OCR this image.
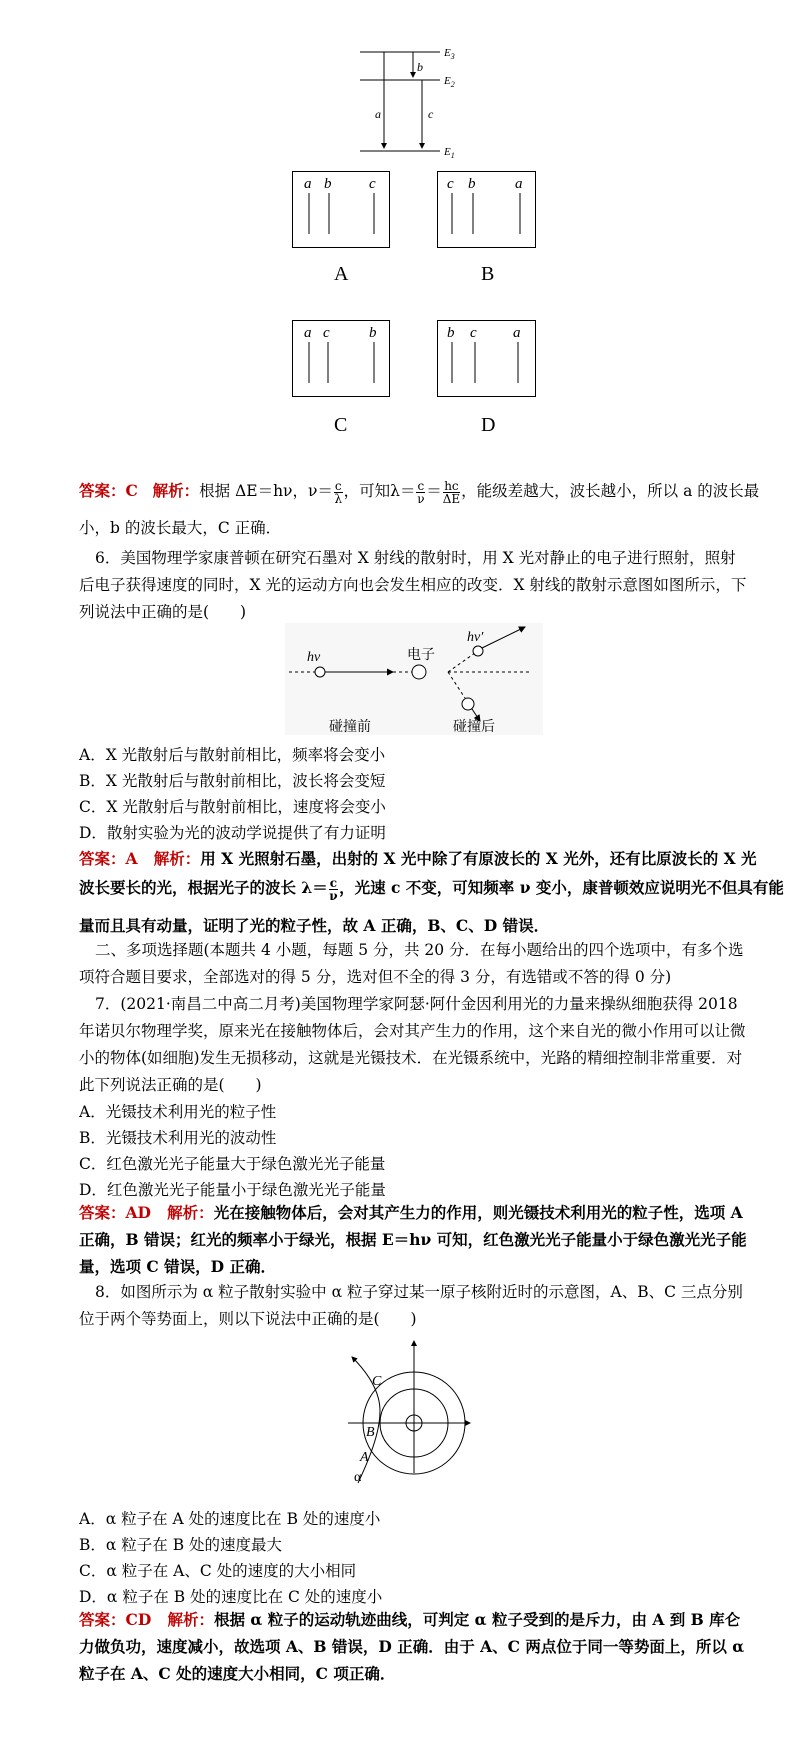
$E_3$
$E_2$
$E_1$
a
b
c
a b	c
A
c b	a
B
a c	b
C
b c a
D
答案：C 解析：根据 ΔE＝hν，$\nu= \frac{c}{\lambda}$ ，可知$\lambda= \frac{c}{\nu} = \frac{hc}{\Delta E}$ ，能级差越大，波长越小，所以 a 的波长最
小，b 的波长最大，C 正确．
6．美国物理学家康普顿在研究石墨对 X 射线的散射时，用 X 光对静止的电子进行照射，照射后电子获得速度的同时，X 光的运动方向也会发生相应的改变．X 射线的散射示意图如图所示，下列说法中正确的是(　　)
hν	电子
hν′
碰撞前	碰撞后
A．X 光散射后与散射前相比，频率将会变小
B．X 光散射后与散射前相比，波长将会变短
C．X 光散射后与散射前相比，速度将会变小
D．散射实验为光的波动学说提供了有力证明
答案：A 解析：用 X 光照射石墨，出射的 X 光中除了有原波长的 X 光外，还有比原波长的 X 光
波长要长的光，根据光子的波长 $\lambda= \frac{c}{\nu}$ ，光速 c 不变，可知频率 ν 变小，康普顿效应说明光不但具有能
量而且具有动量，证明了光的粒子性，故 A 正确，B、C、D 错误．
二、多项选择题(本题共 4 小题，每题 5 分，共 20 分．在每小题给出的四个选项中，有多个选项符合题目要求，全部选对的得 5 分，选对但不全的得 3 分，有选错或不答的得 0 分)
7．(2021·南昌二中高二月考)美国物理学家阿瑟·阿什金因利用光的力量来操纵细胞获得 2018 年诺贝尔物理学奖，原来光在接触物体后，会对其产生力的作用，这个来自光的微小作用可以让微小的物体(如细胞)发生无损移动，这就是光镊技术．在光镊系统中，光路的精细控制非常重要．对此下列说法正确的是(　　)
A．光镊技术利用光的粒子性
B．光镊技术利用光的波动性
C．红色激光光子能量大于绿色激光光子能量
D．红色激光光子能量小于绿色激光光子能量
答案：AD 解析：光在接触物体后，会对其产生力的作用，则光镊技术利用光的粒子性，选项 A 正确，B 错误；红光的频率小于绿光，根据 E＝hν 可知，红色激光光子能量小于绿色激光光子能量，选项 C 错误，D 正确．
8．如图所示为 α 粒子散射实验中 α 粒子穿过某一原子核附近时的示意图，A、B、C 三点分别位于两个等势面上，则以下说法中正确的是(　　)
A
B
C
α
A．α 粒子在 A 处的速度比在 B 处的速度小
B．α 粒子在 B 处的速度最大
C．α 粒子在 A、C 处的速度的大小相同
D．α 粒子在 B 处的速度比在 C 处的速度小
答案：CD 解析：根据 α 粒子的运动轨迹曲线，可判定 α 粒子受到的是斥力，由 A 到 B 库仑力做负功，速度减小，故选项 A、B 错误，D 正确．由于 A、C 两点位于同一等势面上，所以 α 粒子在 A、C 处的速度大小相同，C 项正确．
